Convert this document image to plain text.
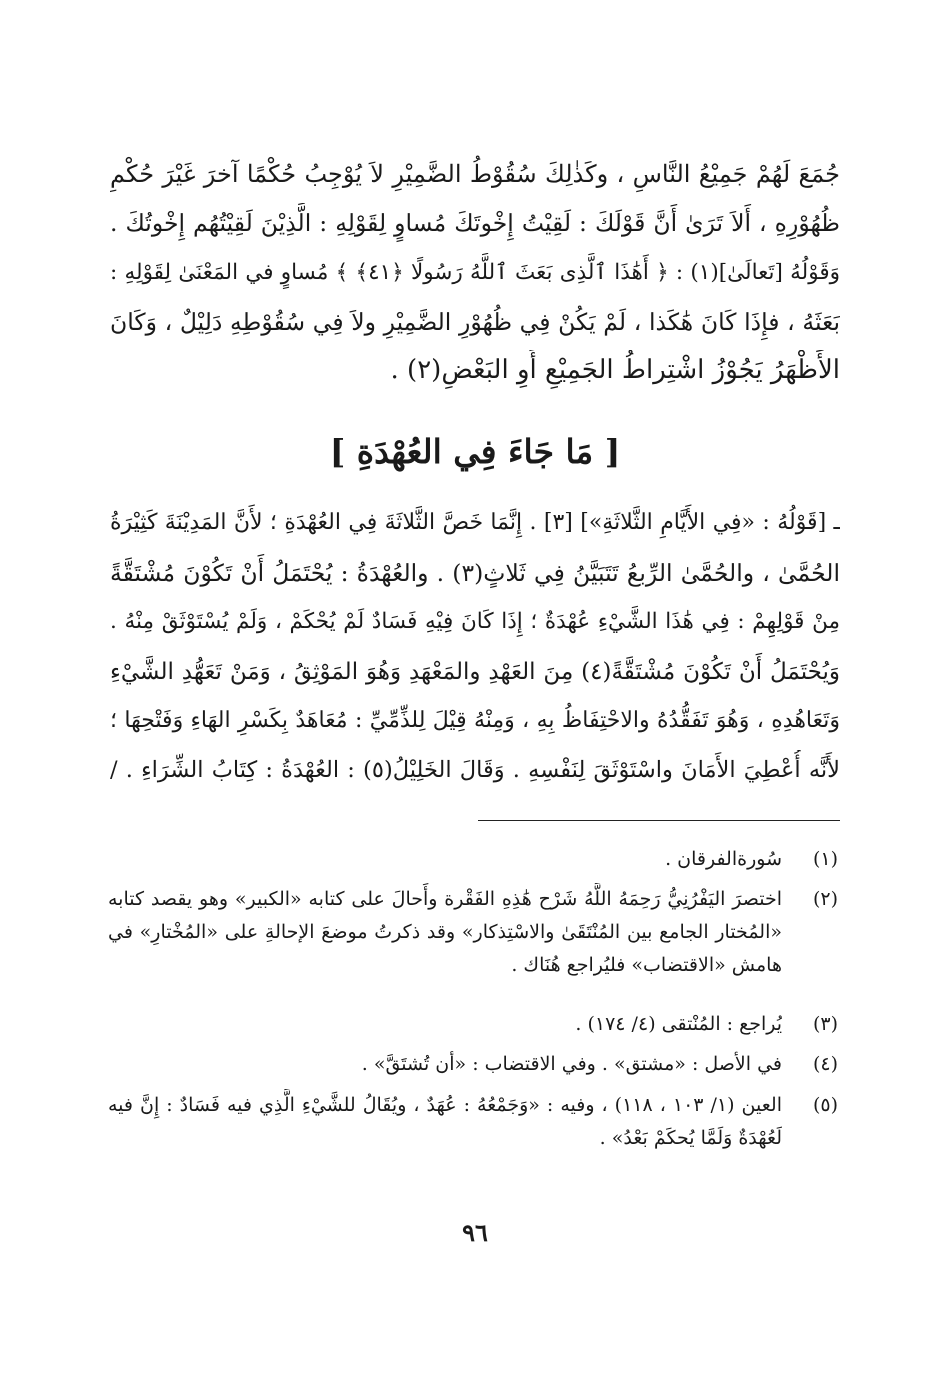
جُمَعَ لَهُمْ جَمِيْعُ النَّاسِ ، وكَذٰلِكَ سُقُوْطُ الضَّمِيْرِ لاَ يُوْجِبُ حُكْمًا آخرَ غَيْرَ حُكْمِ
ظُهُوْرِهِ ، أَلاَ تَرَىٰ أَنَّ قَوْلَكَ : لَقِيْتُ إِخْوتَكَ مُساوٍ لِقَوْلِهِ : الَّذِيْنَ لَقِيْتُهُم إِخْوتُكَ .
وَقَوْلُهُ [تَعالَىٰ](١) : ﴿ أَهَٰذَا ٱلَّذِى بَعَثَ ٱللَّهُ رَسُولًا ﴿٤١﴾ ﴾ مُساوٍ في المَعْنَىٰ لِقَوْلِهِ :
بَعَثَهُ ، فإِذَا كَانَ هَٰكَذا ، لَمْ يَكُنْ فِي ظُهُوْرِ الضَّمِيْرِ ولاَ فِي سُقُوْطِهِ دَلِيْلٌ ، وَكَانَ
الأَظْهَرُ يَجُوْزُ اشْتِراطُ الجَمِيْعِ أَوِ البَعْضِ(٢) .
[ مَا جَاءَ فِي العُهْدَةِ ]
ـ [قَوْلُهُ : «فِي الأَيَّامِ الثَّلاثَةِ»] [٣] . إِنَّمَا خَصَّ الثَّلاثَةَ فِي العُهْدَةِ ؛ لأَنَّ المَدِيْنَةَ كَثِيْرَةُ
الحُمَّىٰ ، والحُمَّىٰ الرِّبعُ تَتَبَيَّنُ فِي ثَلاثٍ(٣) . والعُهْدَةُ : يُحْتَمَلُ أَنْ تَكُوْنَ مُشْتَقَّةً
مِنْ قَوْلِهِمْ : فِي هَٰذَا الشَّيْءِ عُهْدَةٌ ؛ إِذَا كَانَ فِيْهِ فَسَادٌ لَمْ يُحْكَمْ ، وَلَمْ يُسْتَوْثَقْ مِنْهُ .
وَيُحْتَمَلُ أَنْ تَكُوْنَ مُشْتَقَّةً(٤) مِنَ العَهْدِ والمَعْهَدِ وَهُوَ المَوْثِقُ ، وَمَنْ تَعَهُّدِ الشَّيْءِ
وَتَعَاهُدِهِ ، وَهُوَ تَفَقُّدُهُ والاحْتِفَاظُ بِهِ ، وَمِنْهُ قِيْلَ لِلذِّمِّيِّ : مُعَاهَدٌ بِكَسْرِ الهَاءِ وَفَتْحِهَا ؛
لأَنَّه أُعْطِيَ الأَمَانَ واسْتَوْثَقَ لِنَفْسِهِ . وَقَالَ الخَلِيْلُ(٥) : العُهْدَةُ : كِتَابُ الشِّرَاءِ . /
(١)
سُورةالفرقان .
(٢)
اختصرَ اليَفْرُنِيُّ رَحِمَهُ اللَّهُ شَرْح هَٰذِهِ الفَقْرة وأَحالَ على كتابه «الكبير» وهو يقصد كتابه
«المُختار الجامع بين المُنْتَقَىٰ والاسْتِذكار» وقد ذكرتُ موضعَ الإحالةِ على «المُخْتارِ» في
هامش «الاقتضاب» فليُراجع هُنَاك .
(٣)
يُراجع : المُنْتقى (٤/ ١٧٤) .
(٤)
في الأصل : «مشتق» . وفي الاقتضاب : «أن تُشتَقَّ» .
(٥)
العين (١/ ١٠٣ ، ١١٨) ، وفيه : «وَجَمْعُهُ : عُهَدٌ ، ويُقَالُ للشَّيْءِ الَّذِي فيه فَسَادٌ : إِنَّ فيه
لَعُهْدَةٌ وَلَمَّا يُحكَمْ بَعْدُ» .
٩٦
